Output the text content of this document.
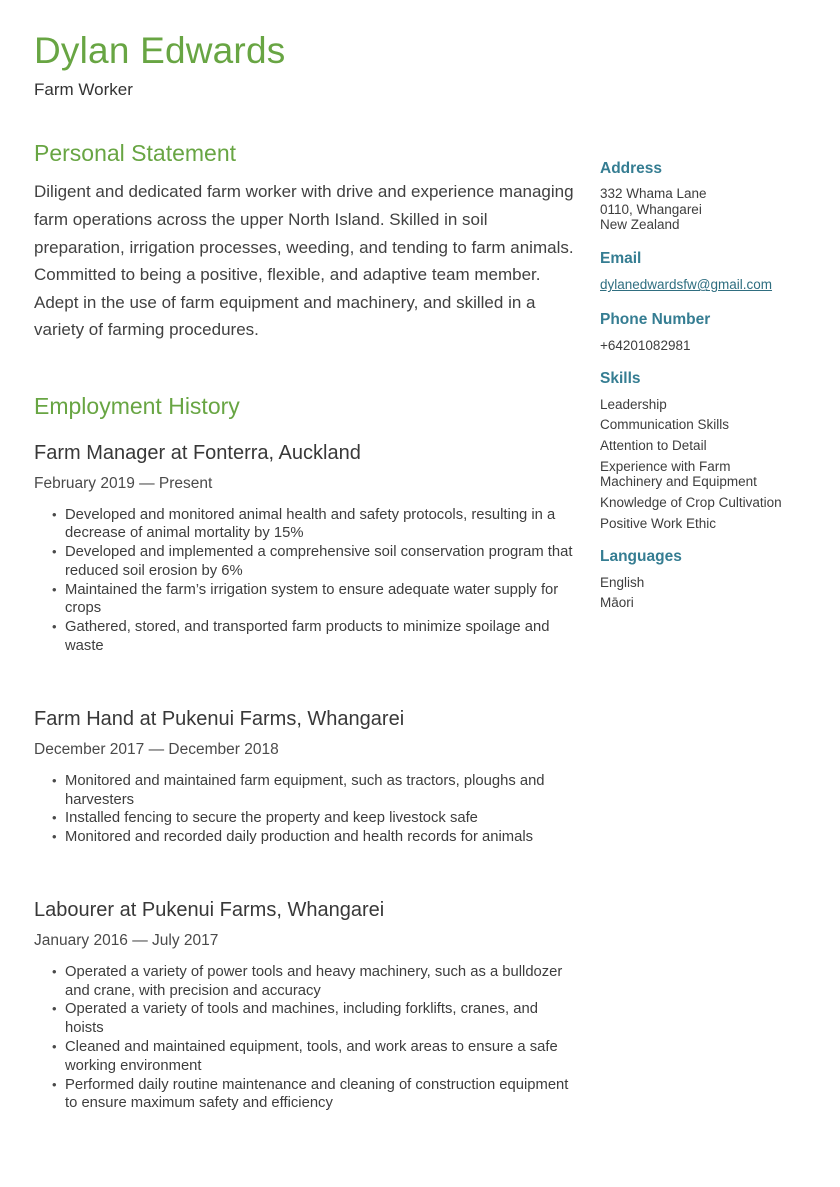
Dylan Edwards
Farm Worker
Personal Statement

Diligent and dedicated farm worker with drive and experience managing farm operations across the upper North Island. Skilled in soil preparation, irrigation processes, weeding, and tending to farm animals. Committed to being a positive, flexible, and adaptive team member. Adept in the use of farm equipment and machinery, and skilled in a variety of farming procedures.

Employment History
Farm Manager at Fonterra, Auckland

February 2019 — Present

• Developed and monitored animal health and safety protocols, resulting in a decrease of animal mortality by 15%
• Developed and implemented a comprehensive soil conservation program that reduced soil erosion by 6%
• Maintained the farm’s irrigation system to ensure adequate water supply for crops
• Gathered, stored, and transported farm products to minimize spoilage and waste
Farm Hand at Pukenui Farms, Whangarei

December 2017 — December 2018

• Monitored and maintained farm equipment, such as tractors, ploughs and harvesters
• Installed fencing to secure the property and keep livestock safe
• Monitored and recorded daily production and health records for animals
Labourer at Pukenui Farms, Whangarei

January 2016 — July 2017

• Operated a variety of power tools and heavy machinery, such as a bulldozer and crane, with precision and accuracy
• Operated a variety of tools and machines, including forklifts, cranes, and hoists
• Cleaned and maintained equipment, tools, and work areas to ensure a safe working environment
• Performed daily routine maintenance and cleaning of construction equipment to ensure maximum safety and efficiency
Address
332 Whama Lane
0110, Whangarei
New Zealand
Email
dylanedwardsfw@gmail.com
Phone Number
+64201082981
Skills
Leadership
Communication Skills
Attention to Detail
Experience with Farm Machinery and Equipment
Knowledge of Crop Cultivation
Positive Work Ethic
Languages
English
Māori
